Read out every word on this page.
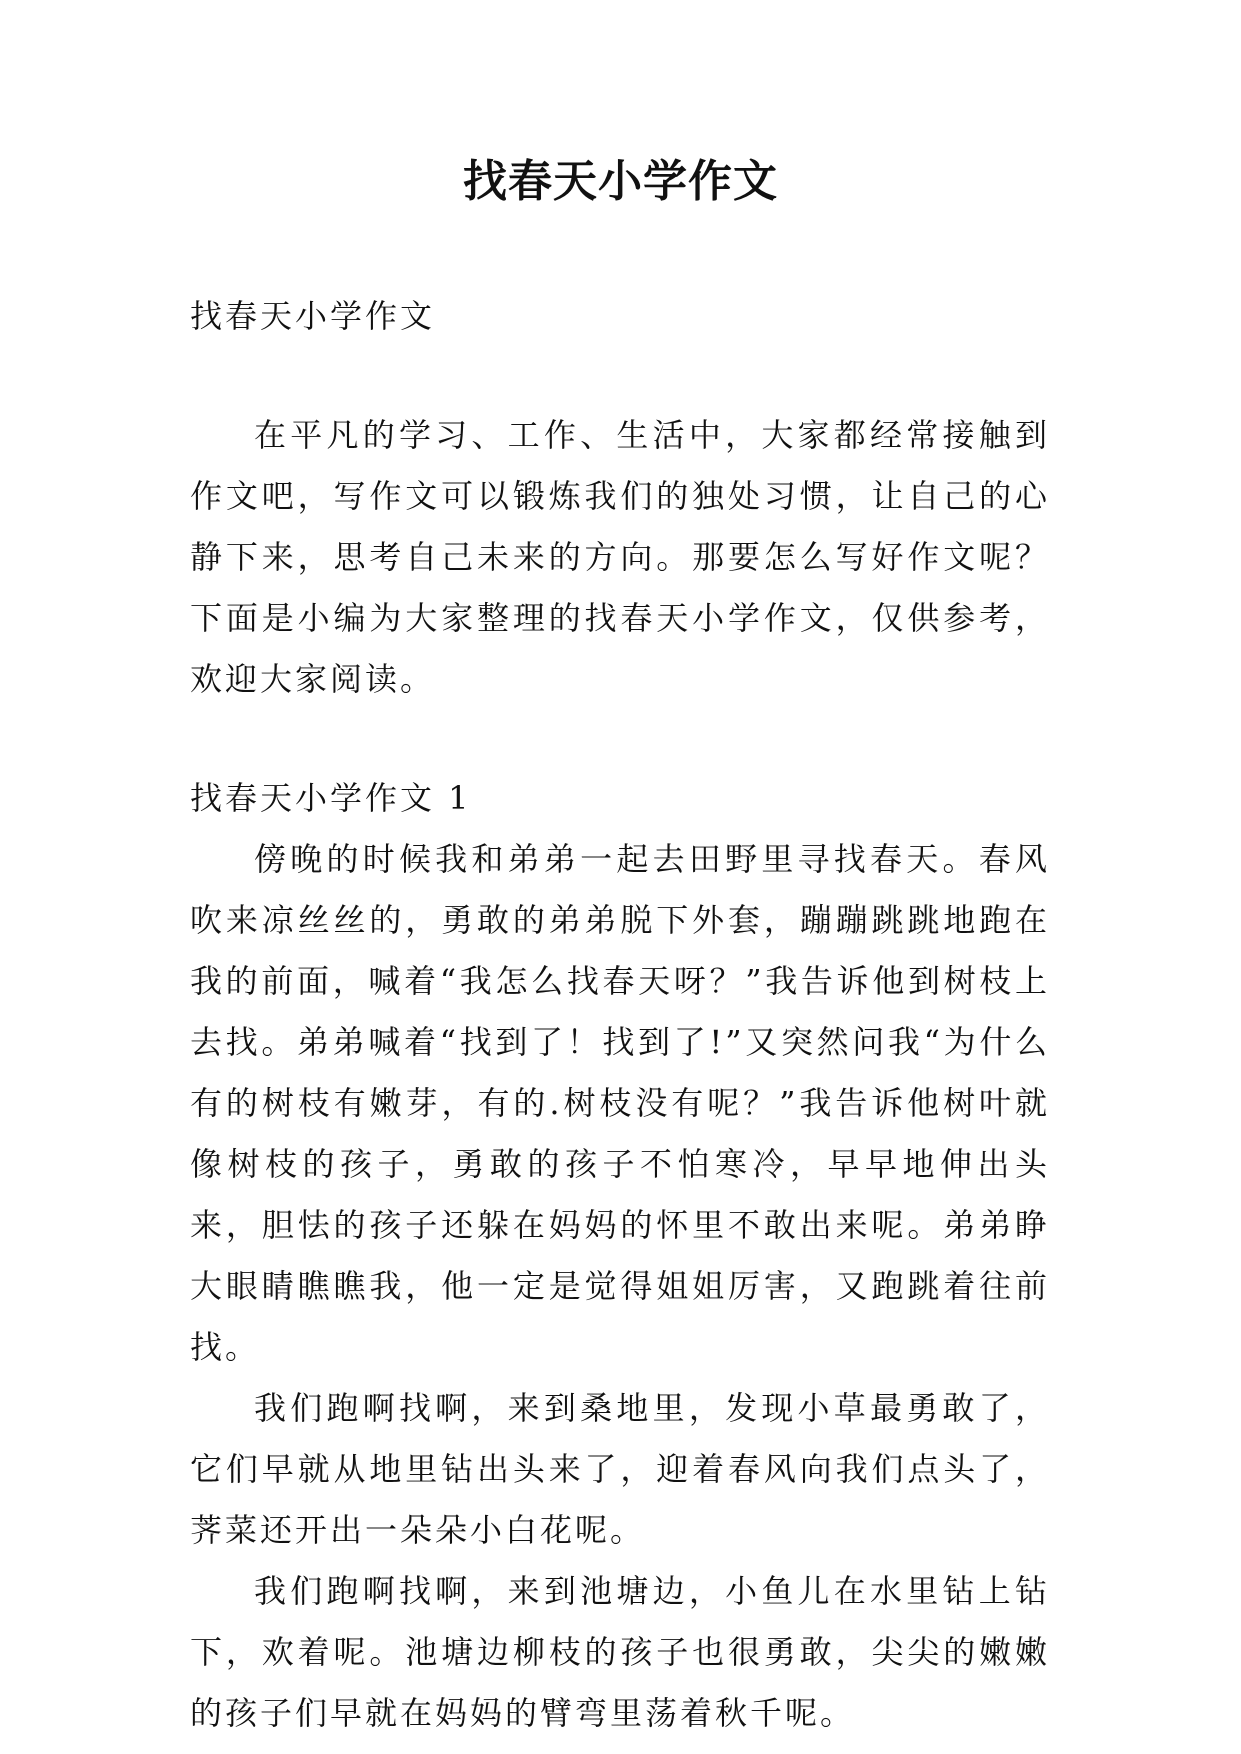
找春天小学作文

找春天小学作文

在平凡的学习、工作、生活中，大家都经常接触到作文吧，写作文可以锻炼我们的独处习惯，让自己的心静下来，思考自己未来的方向。那要怎么写好作文呢？下面是小编为大家整理的找春天小学作文，仅供参考，欢迎大家阅读。

找春天小学作文 1

傍晚的时候我和弟弟一起去田野里寻找春天。春风吹来凉丝丝的，勇敢的弟弟脱下外套，蹦蹦跳跳地跑在我的前面，喊着“我怎么找春天呀？”我告诉他到树枝上去找。弟弟喊着“找到了！找到了!”又突然问我“为什么有的树枝有嫩芽，有的.树枝没有呢？”我告诉他树叶就像树枝的孩子，勇敢的孩子不怕寒冷，早早地伸出头来，胆怯的孩子还躲在妈妈的怀里不敢出来呢。弟弟睁大眼睛瞧瞧我，他一定是觉得姐姐厉害，又跑跳着往前找。

我们跑啊找啊，来到桑地里，发现小草最勇敢了，它们早就从地里钻出头来了，迎着春风向我们点头了，荠菜还开出一朵朵小白花呢。

我们跑啊找啊，来到池塘边，小鱼儿在水里钻上钻下，欢着呢。池塘边柳枝的孩子也很勇敢，尖尖的嫩嫩的孩子们早就在妈妈的臂弯里荡着秋千呢。
